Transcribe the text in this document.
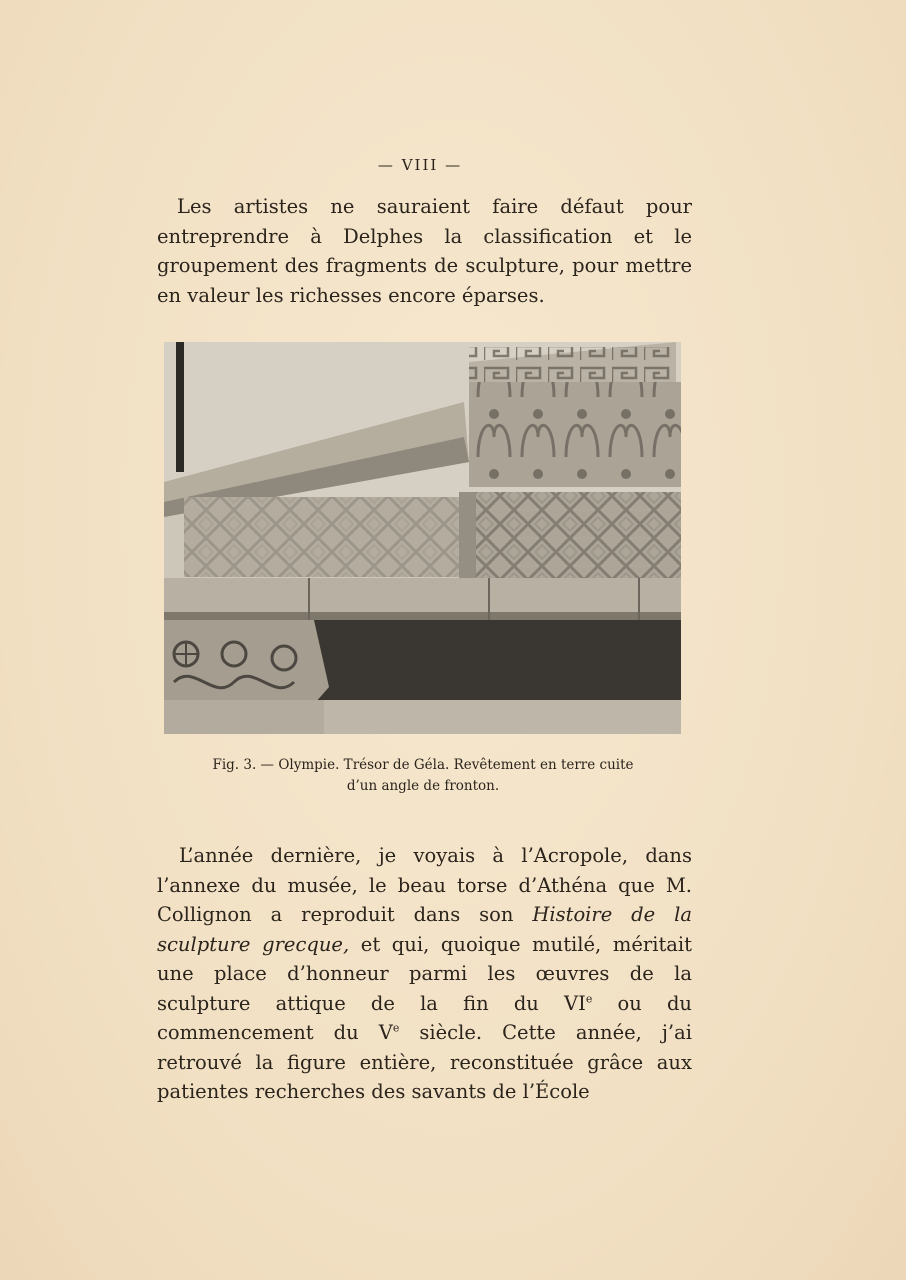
— VIII —

Les artistes ne sauraient faire défaut pour entreprendre à Delphes la classification et le groupement des fragments de sculpture, pour mettre en valeur les richesses encore éparses.

Fig. 3. — Olympie. Trésor de Géla. Revêtement en terre cuite
d’un angle de fronton.

L’année dernière, je voyais à l’Acropole, dans l’annexe du musée, le beau torse d’Athéna que M. Collignon a reproduit dans son Histoire de la sculpture grecque, et qui, quoique mutilé, méritait une place d’honneur parmi les œuvres de la sculpture attique de la fin du VIe ou du commencement du Ve siècle. Cette année, j’ai retrouvé la figure entière, reconstituée grâce aux patientes recherches des savants de l’École
